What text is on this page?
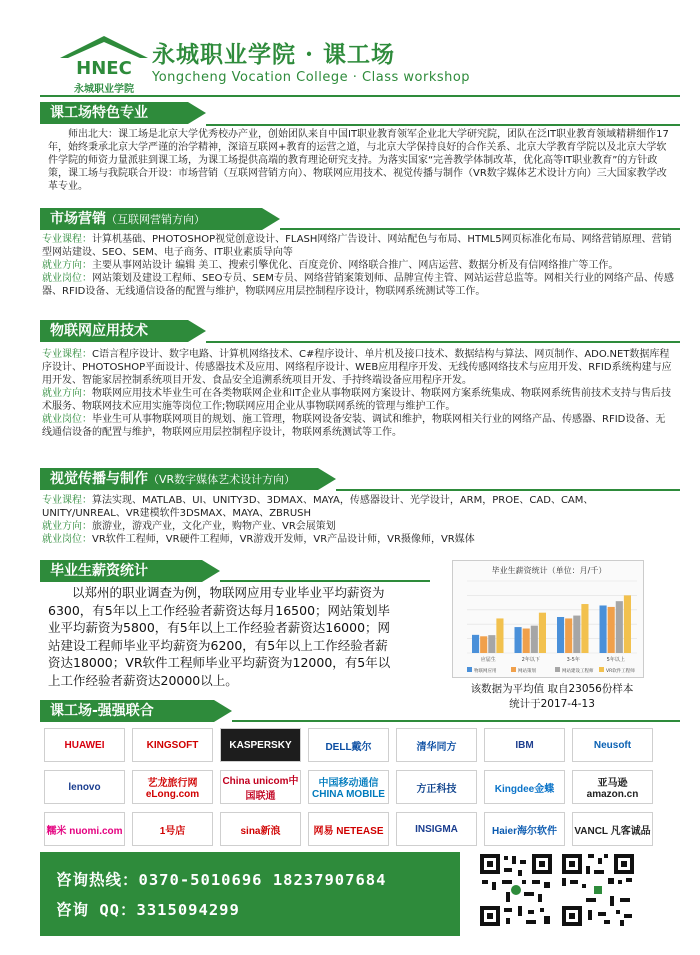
HNEC
永城职业学院
永城职业学院 · 课工场
Yongcheng Vocation College · Class workshop
课工场特色专业
师出北大：课工场是北京大学优秀校办产业，创始团队来自中国IT职业教育领军企业北大学研究院，团队在泛IT职业教育领域精耕细作17年，始终秉承北京大学严谨的治学精神，深谙互联网+教育的运营之道，与北京大学保持良好的合作关系、北京大学教育学院以及北京大学软件学院的师资力量派驻到课工场，为课工场提供高端的教育理论研究支持。为落实国家“完善教学体制改革，优化高等IT职业教育”的方针政策，课工场与我院联合开设：市场营销（互联网营销方向）、物联网应用技术、视觉传播与制作（VR数字媒体艺术设计方向）三大国家教学改革专业。
市场营销（互联网营销方向）
专业课程：计算机基础、PHOTOSHOP视觉创意设计、FLASH网络广告设计、网站配色与布局、HTML5网页标准化布局、网络营销原理、营销型网站建设、SEO、SEM、电子商务、IT职业素质导向等
就业方向：主要从事网站设计 编辑 美工、搜索引擎优化、百度竞价、网络联合推广、网店运营、数据分析及有信网络推广等工作。
就业岗位：网站策划及建设工程师、SEO专员、SEM专员、网络营销案策划师、品牌宣传主管、网站运营总监等。网相关行业的网络产品、传感器、RFID设备、无线通信设备的配置与维护，物联网应用层控制程序设计，物联网系统测试等工作。
物联网应用技术
专业课程：C语言程序设计、数字电路、计算机网络技术、C#程序设计、单片机及接口技术、数据结构与算法、网页制作、ADO.NET数据库程序设计、PHOTOSHOP平面设计、传感器技术及应用、网络程序设计、WEB应用程序开发、无线传感网络技术与应用开发、RFID系统构建与应用开发、智能家居控制系统项目开发、食品安全追溯系统项目开发、手持终端设备应用程序开发。
就业方向：物联网应用技术毕业生可在各类物联网企业和IT企业从事物联网方案设计、物联网方案系统集成、物联网系统售前技术支持与售后技术服务、物联网技术应用实施等岗位工作;物联网应用企业从事物联网系统的管理与维护工作。
就业岗位：毕业生可从事物联网项目的规划、施工管理，物联网设备安装、调试和维护，物联网相关行业的网络产品、传感器、RFID设备、无线通信设备的配置与维护，物联网应用层控制程序设计，物联网系统测试等工作。
视觉传播与制作（VR数字媒体艺术设计方向）
专业课程：算法实现、MATLAB、UI、UNITY3D、3DMAX、MAYA，传感器设计、光学设计，ARM，PROE、CAD、CAM、UNITY/UNREAL、VR建模软件3DSMAX、MAYA、ZBRUSH
就业方向：旅游业，游戏产业，文化产业，购物产业、VR会展策划
就业岗位：VR软件工程师，VR硬件工程师，VR游戏开发师，VR产品设计师，VR摄像师，VR媒体
毕业生薪资统计
以郑州的职业调查为例，物联网应用专业毕业平均薪资为6300，有5年以上工作经验者薪资达每月16500；网站策划毕业平均薪资为5800，有5年以上工作经验者薪资达16000；网站建设工程师毕业平均薪资为6200，有5年以上工作经验者薪资达18000；VR软件工程师毕业平均薪资为12000，有5年以上工作经验者薪资达20000以上。
毕业生薪资统计（单位：月/千）
应届生	2年以下	3-5年	5年以上
物联网应用	网站策划	网站建设工程师	VR软件工程师
该数据为平均值 取自23056份样本
统计于2017-4-13
课工场-强强联合
HUAWEI	KINGSOFT	KASPERSKY	DELL戴尔	清华同方	IBM	Neusoft
lenovo	艺龙旅行网 eLong.com
China unicom中国联通
中国移动通信 CHINA MOBILE	方正科技	Kingdee金蝶	亚马逊 amazon.cn
糯米 nuomi.com	1号店	sina新浪	网易 NETEASE	INSIGMA	Haier海尔软件	VANCL 凡客诚品
咨询热线：0370-5010696 18237907684
咨询 QQ：3315094299
